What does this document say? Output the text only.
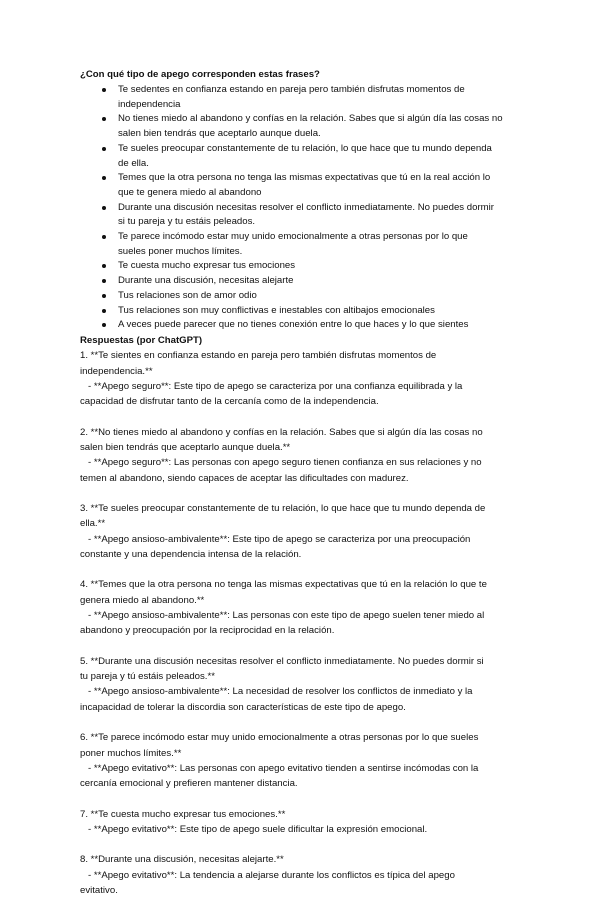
¿Con qué tipo de apego corresponden estas frases?
Te sedentes en confianza estando en pareja pero también disfrutas momentos de
independencia
No tienes miedo al abandono y confías en la relación. Sabes que si algún día las cosas no
salen bien tendrás que aceptarlo aunque duela.
Te sueles preocupar constantemente de tu relación, lo que hace que tu mundo dependa
de ella.
Temes que la otra persona no tenga las mismas expectativas que tú en la real acción lo
que te genera miedo al abandono
Durante una discusión necesitas resolver el conflicto inmediatamente. No puedes dormir
si tu pareja y tu estáis peleados.
Te parece incómodo estar muy unido emocionalmente a otras personas por lo que
sueles poner muchos límites.
Te cuesta mucho expresar tus emociones
Durante una discusión, necesitas alejarte
Tus relaciones son de amor odio
Tus relaciones son muy conflictivas e inestables con altibajos emocionales
A veces puede parecer que no tienes conexión entre lo que haces y lo que sientes
Respuestas (por ChatGPT)
1. **Te sientes en confianza estando en pareja pero también disfrutas momentos de
independencia.**
- **Apego seguro**: Este tipo de apego se caracteriza por una confianza equilibrada y la
capacidad de disfrutar tanto de la cercanía como de la independencia.
2. **No tienes miedo al abandono y confías en la relación. Sabes que si algún día las cosas no
salen bien tendrás que aceptarlo aunque duela.**
- **Apego seguro**: Las personas con apego seguro tienen confianza en sus relaciones y no
temen al abandono, siendo capaces de aceptar las dificultades con madurez.
3. **Te sueles preocupar constantemente de tu relación, lo que hace que tu mundo dependa de
ella.**
- **Apego ansioso-ambivalente**: Este tipo de apego se caracteriza por una preocupación
constante y una dependencia intensa de la relación.
4. **Temes que la otra persona no tenga las mismas expectativas que tú en la relación lo que te
genera miedo al abandono.**
- **Apego ansioso-ambivalente**: Las personas con este tipo de apego suelen tener miedo al
abandono y preocupación por la reciprocidad en la relación.
5. **Durante una discusión necesitas resolver el conflicto inmediatamente. No puedes dormir si
tu pareja y tú estáis peleados.**
- **Apego ansioso-ambivalente**: La necesidad de resolver los conflictos de inmediato y la
incapacidad de tolerar la discordia son características de este tipo de apego.
6. **Te parece incómodo estar muy unido emocionalmente a otras personas por lo que sueles
poner muchos límites.**
- **Apego evitativo**: Las personas con apego evitativo tienden a sentirse incómodas con la
cercanía emocional y prefieren mantener distancia.
7. **Te cuesta mucho expresar tus emociones.**
- **Apego evitativo**: Este tipo de apego suele dificultar la expresión emocional.
8. **Durante una discusión, necesitas alejarte.**
- **Apego evitativo**: La tendencia a alejarse durante los conflictos es típica del apego
evitativo.
